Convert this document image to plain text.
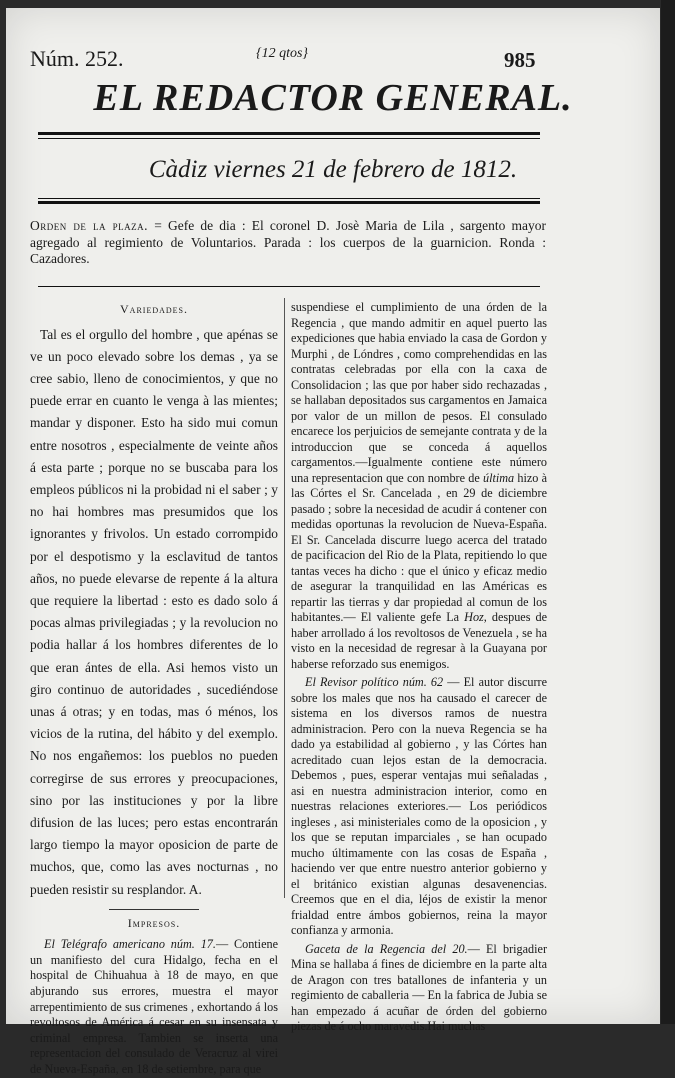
Núm. 252.	{12 qtos}	985
EL REDACTOR GENERAL.
Càdiz viernes 21 de febrero de 1812.
Orden de la plaza. = Gefe de dia : El coronel D. Josè Maria de Lila , sargento mayor agregado al regimiento de Voluntarios. Parada : los cuerpos de la guarnicion. Ronda : Cazadores.
Variedades.

Tal es el orgullo del hombre , que apénas se ve un poco elevado sobre los demas , ya se cree sabio, lleno de conocimientos, y que no puede errar en cuanto le venga à las mientes; mandar y disponer. Esto ha sido mui comun entre nosotros , especialmente de veinte años á esta parte ; porque no se buscaba para los empleos públicos ni la probidad ni el saber ; y no hai hombres mas presumidos que los ignorantes y frivolos. Un estado corrompido por el despotismo y la esclavitud de tantos años, no puede elevarse de repente á la altura que requiere la libertad : esto es dado solo á pocas almas privilegiadas ; y la revolucion no podia hallar á los hombres diferentes de lo que eran ántes de ella. Asi hemos visto un giro continuo de autoridades , sucediéndose unas á otras; y en todas, mas ó ménos, los vicios de la rutina, del hábito y del exemplo. No nos engañemos: los pueblos no pueden corregirse de sus errores y preocupaciones, sino por las instituciones y por la libre difusion de las luces; pero estas encontrarán largo tiempo la mayor oposicion de parte de muchos, que, como las aves nocturnas , no pueden resistir su resplandor. A.

Impresos.

El Telégrafo americano núm. 17.— Contiene un manifiesto del cura Hidalgo, fecha en el hospital de Chihuahua à 18 de mayo, en que abjurando sus errores, muestra el mayor arrepentimiento de sus crimenes , exhortando á los revoltosos de América á cesar en su insensata y criminal empresa. Tambien se inserta una representacion del consulado de Veracruz al virei de Nueva-España, en 18 de setiembre, para que

suspendiese el cumplimiento de una órden de la Regencia , que mando admitir en aquel puerto las expediciones que habia enviado la casa de Gordon y Murphi , de Lóndres , como comprehendidas en las contratas celebradas por ella con la caxa de Consolidacion ; las que por haber sido rechazadas , se hallaban depositados sus cargamentos en Jamaica por valor de un millon de pesos. El consulado encarece los perjuicios de semejante contrata y de la introduccion que se conceda á aquellos cargamentos.—Igualmente contiene este número una representacion que con nombre de última hizo à las Córtes el Sr. Cancelada , en 29 de diciembre pasado ; sobre la necesidad de acudir á contener con medidas oportunas la revolucion de Nueva-España. El Sr. Cancelada discurre luego acerca del tratado de pacificacion del Rio de la Plata, repitiendo lo que tantas veces ha dicho : que el único y eficaz medio de asegurar la tranquilidad en las Américas es repartir las tierras y dar propiedad al comun de los habitantes.— El valiente gefe La Hoz, despues de haber arrollado á los revoltosos de Venezuela , se ha visto en la necesidad de regresar à la Guayana por haberse reforzado sus enemigos.

El Revisor político núm. 62 — El autor discurre sobre los males que nos ha causado el carecer de sistema en los diversos ramos de nuestra administracion. Pero con la nueva Regencia se ha dado ya estabilidad al gobierno , y las Córtes han acreditado cuan lejos estan de la democracia. Debemos , pues, esperar ventajas mui señaladas , asi en nuestra administracion interior, como en nuestras relaciones exteriores.— Los periódicos ingleses , asi ministeriales como de la oposicion , y los que se reputan imparciales , se han ocupado mucho últimamente con las cosas de España , haciendo ver que entre nuestro anterior gobierno y el británico existian algunas desavenencias. Creemos que en el dia, léjos de existir la menor frialdad entre ámbos gobiernos, reina la mayor confianza y armonia.

Gaceta de la Regencia del 20.— El brigadier Mina se hallaba á fines de diciembre en la parte alta de Aragon con tres batallones de infanteria y un regimiento de caballeria — En la fabrica de Jubia se han empezado á acuñar de órden del gobierno piezas de á ocho maravedis.Hai muchas
